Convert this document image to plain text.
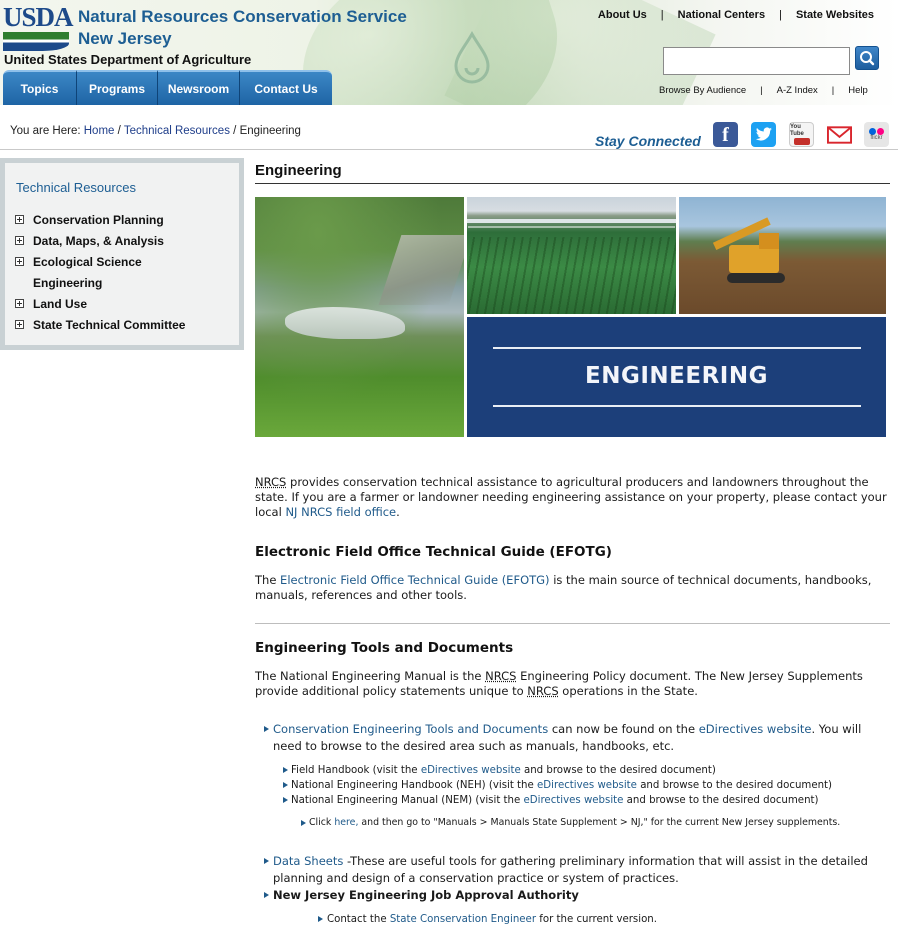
USDA Natural Resources Conservation Service
New Jersey
United States Department of Agriculture
About Us | National Centers | State Websites
Browse By Audience | A-Z Index | Help
Topics	Programs	Newsroom	Contact Us
You are Here: Home / Technical Resources / Engineering
Stay Connected f	You Tube
flickr
Technical Resources
Conservation Planning
Data, Maps, & Analysis
Ecological Science
Engineering
Land Use
State Technical Committee
Engineering
ENGINEERING

NRCS provides conservation technical assistance to agricultural producers and landowners throughout the state. If you are a farmer or landowner needing engineering assistance on your property, please contact your local NJ NRCS field office.

Electronic Field Office Technical Guide (EFOTG)

The Electronic Field Office Technical Guide (EFOTG) is the main source of technical documents, handbooks, manuals, references and other tools.

Engineering Tools and Documents

The National Engineering Manual is the NRCS Engineering Policy document. The New Jersey Supplements provide additional policy statements unique to NRCS operations in the State.

Conservation Engineering Tools and Documents can now be found on the eDirectives website. You will need to browse to the desired area such as manuals, handbooks, etc.
Field Handbook (visit the eDirectives website and browse to the desired document)
National Engineering Handbook (NEH) (visit the eDirectives website and browse to the desired document)
National Engineering Manual (NEM) (visit the eDirectives website and browse to the desired document)
Click here, and then go to "Manuals > Manuals State Supplement > NJ," for the current New Jersey supplements.
Data Sheets -These are useful tools for gathering preliminary information that will assist in the detailed planning and design of a conservation practice or system of practices.
New Jersey Engineering Job Approval Authority
Contact the State Conservation Engineer for the current version.
